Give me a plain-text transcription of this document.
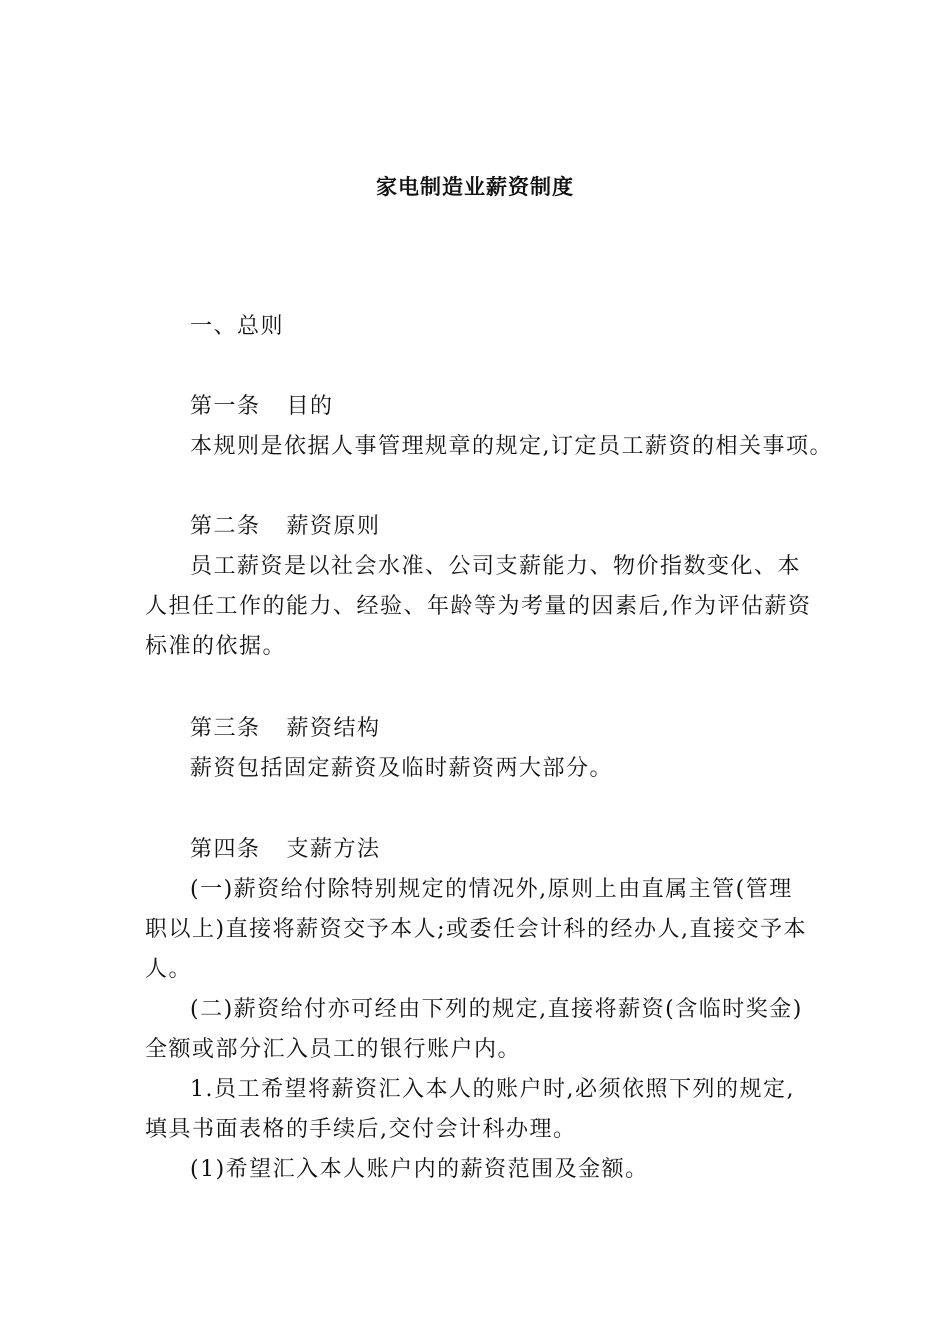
家电制造业薪资制度
一、总则
第一条 目的
本规则是依据人事管理规章的规定,订定员工薪资的相关事项。
第二条 薪资原则
员工薪资是以社会水准、公司支薪能力、物价指数变化、本
人担任工作的能力、经验、年龄等为考量的因素后,作为评估薪资
标准的依据。
第三条 薪资结构
薪资包括固定薪资及临时薪资两大部分。
第四条 支薪方法
(一)薪资给付除特别规定的情况外,原则上由直属主管(管理
职以上)直接将薪资交予本人;或委任会计科的经办人,直接交予本
人。
(二)薪资给付亦可经由下列的规定,直接将薪资(含临时奖金)
全额或部分汇入员工的银行账户内。
1.员工希望将薪资汇入本人的账户时,必须依照下列的规定,
填具书面表格的手续后,交付会计科办理。
(1)希望汇入本人账户内的薪资范围及金额。
